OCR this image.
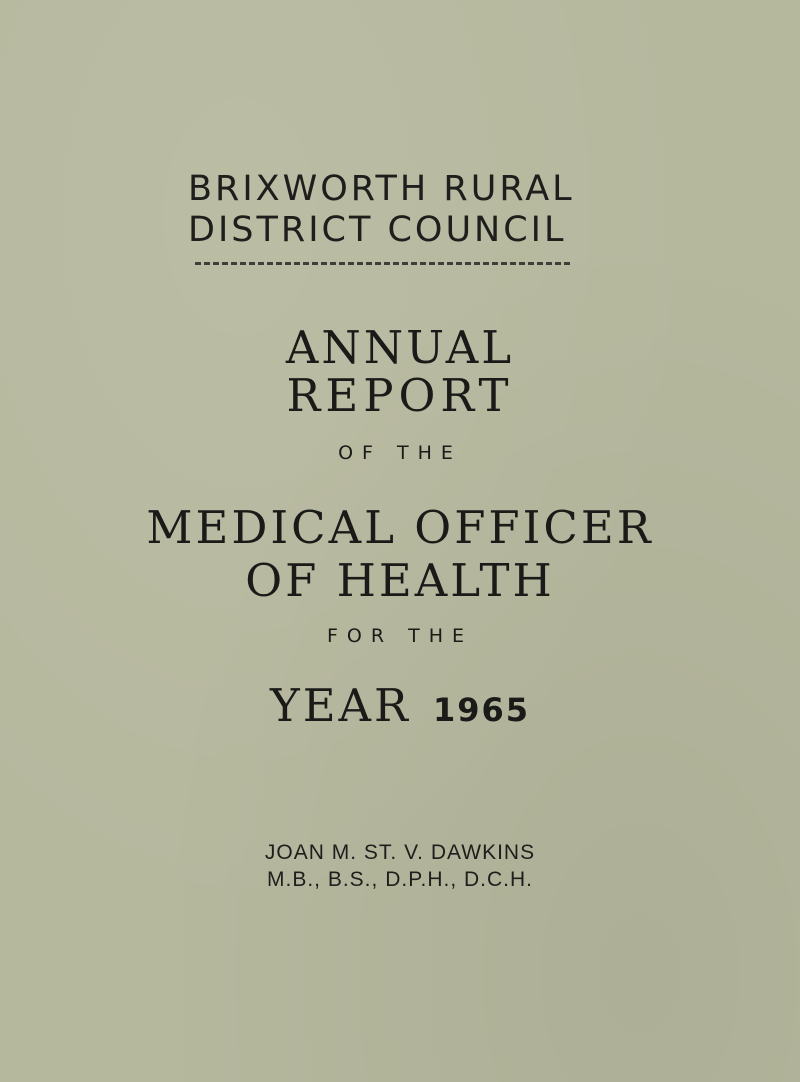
BRIXWORTH RURAL
DISTRICT COUNCIL
ANNUAL
REPORT
OF THE
MEDICAL OFFICER
OF HEALTH
FOR THE
YEAR 1965
JOAN M. ST. V. DAWKINS
M.B., B.S., D.P.H., D.C.H.
